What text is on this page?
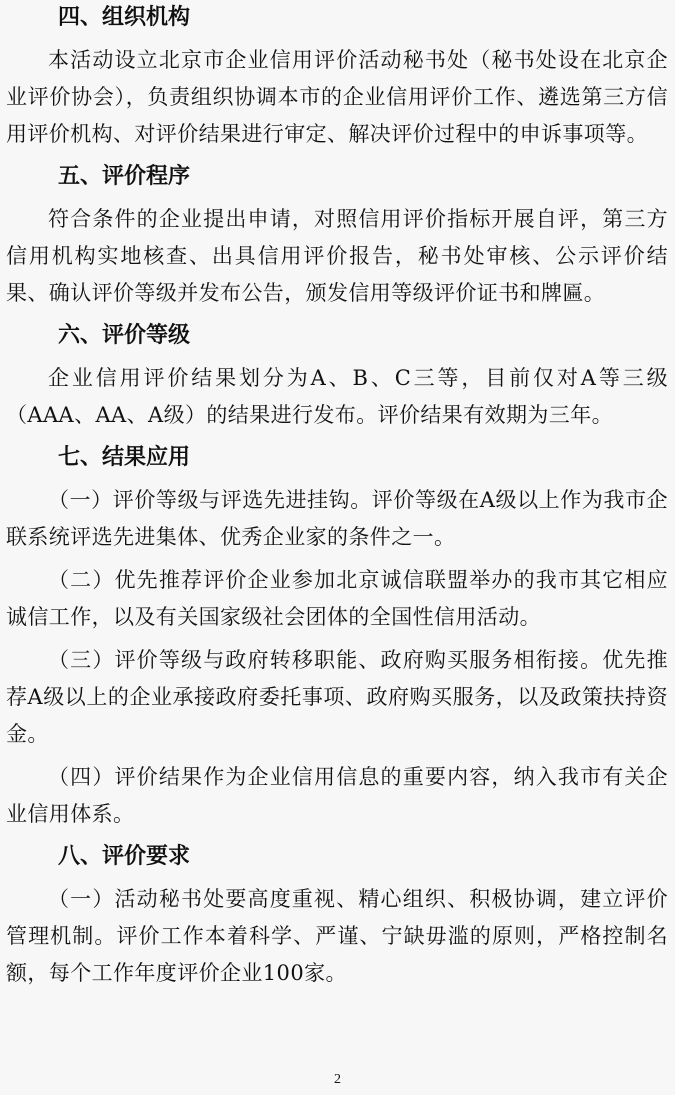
四、组织机构

本活动设立北京市企业信用评价活动秘书处（秘书处设在北京企业评价协会），负责组织协调本市的企业信用评价工作、遴选第三方信用评价机构、对评价结果进行审定、解决评价过程中的申诉事项等。

五、评价程序

符合条件的企业提出申请，对照信用评价指标开展自评，第三方信用机构实地核查、出具信用评价报告，秘书处审核、公示评价结果、确认评价等级并发布公告，颁发信用等级评价证书和牌匾。

六、评价等级

企业信用评价结果划分为A、B、C三等，目前仅对A等三级（AAA、AA、A级）的结果进行发布。评价结果有效期为三年。

七、结果应用

（一）评价等级与评选先进挂钩。评价等级在A级以上作为我市企联系统评选先进集体、优秀企业家的条件之一。

（二）优先推荐评价企业参加北京诚信联盟举办的我市其它相应诚信工作，以及有关国家级社会团体的全国性信用活动。

（三）评价等级与政府转移职能、政府购买服务相衔接。优先推荐A级以上的企业承接政府委托事项、政府购买服务，以及政策扶持资金。

（四）评价结果作为企业信用信息的重要内容，纳入我市有关企业信用体系。

八、评价要求

（一）活动秘书处要高度重视、精心组织、积极协调，建立评价管理机制。评价工作本着科学、严谨、宁缺毋滥的原则，严格控制名额，每个工作年度评价企业100家。

2
